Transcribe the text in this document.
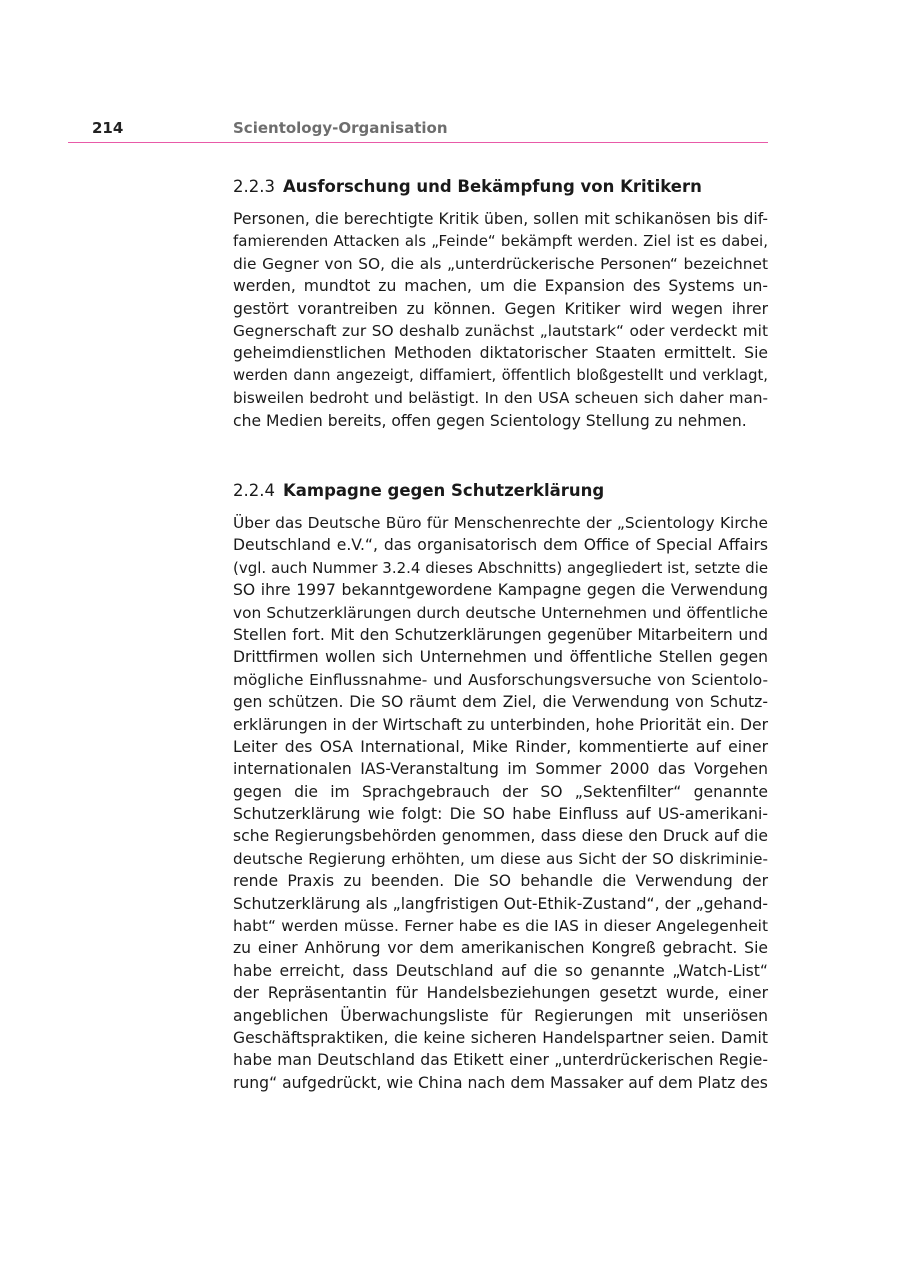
214	Scientology-Organisation
2.2.3 Ausforschung und Bekämpfung von Kritikern
Personen, die berechtigte Kritik üben, sollen mit schikanösen bis dif-
famierenden Attacken als „Feinde“ bekämpft werden. Ziel ist es dabei,
die Gegner von SO, die als „unterdrückerische Personen“ bezeichnet
werden, mundtot zu machen, um die Expansion des Systems un-
gestört vorantreiben zu können. Gegen Kritiker wird wegen ihrer
Gegnerschaft zur SO deshalb zunächst „lautstark“ oder verdeckt mit
geheimdienstlichen Methoden diktatorischer Staaten ermittelt. Sie
werden dann angezeigt, diffamiert, öffentlich bloßgestellt und verklagt,
bisweilen bedroht und belästigt. In den USA scheuen sich daher man-
che Medien bereits, offen gegen Scientology Stellung zu nehmen.
2.2.4 Kampagne gegen Schutzerklärung
Über das Deutsche Büro für Menschenrechte der „Scientology Kirche
Deutschland e.V.“, das organisatorisch dem Office of Special Affairs
(vgl. auch Nummer 3.2.4 dieses Abschnitts) angegliedert ist, setzte die
SO ihre 1997 bekanntgewordene Kampagne gegen die Verwendung
von Schutzerklärungen durch deutsche Unternehmen und öffentliche
Stellen fort. Mit den Schutzerklärungen gegenüber Mitarbeitern und
Drittfirmen wollen sich Unternehmen und öffentliche Stellen gegen
mögliche Einflussnahme- und Ausforschungsversuche von Scientolo-
gen schützen. Die SO räumt dem Ziel, die Verwendung von Schutz-
erklärungen in der Wirtschaft zu unterbinden, hohe Priorität ein. Der
Leiter des OSA International, Mike Rinder, kommentierte auf einer
internationalen IAS-Veranstaltung im Sommer 2000 das Vorgehen
gegen die im Sprachgebrauch der SO „Sektenfilter“ genannte
Schutzerklärung wie folgt: Die SO habe Einfluss auf US-amerikani-
sche Regierungsbehörden genommen, dass diese den Druck auf die
deutsche Regierung erhöhten, um diese aus Sicht der SO diskriminie-
rende Praxis zu beenden. Die SO behandle die Verwendung der
Schutzerklärung als „langfristigen Out-Ethik-Zustand“, der „gehand-
habt“ werden müsse. Ferner habe es die IAS in dieser Angelegenheit
zu einer Anhörung vor dem amerikanischen Kongreß gebracht. Sie
habe erreicht, dass Deutschland auf die so genannte „Watch-List“
der Repräsentantin für Handelsbeziehungen gesetzt wurde, einer
angeblichen Überwachungsliste für Regierungen mit unseriösen
Geschäftspraktiken, die keine sicheren Handelspartner seien. Damit
habe man Deutschland das Etikett einer „unterdrückerischen Regie-
rung“ aufgedrückt, wie China nach dem Massaker auf dem Platz des
